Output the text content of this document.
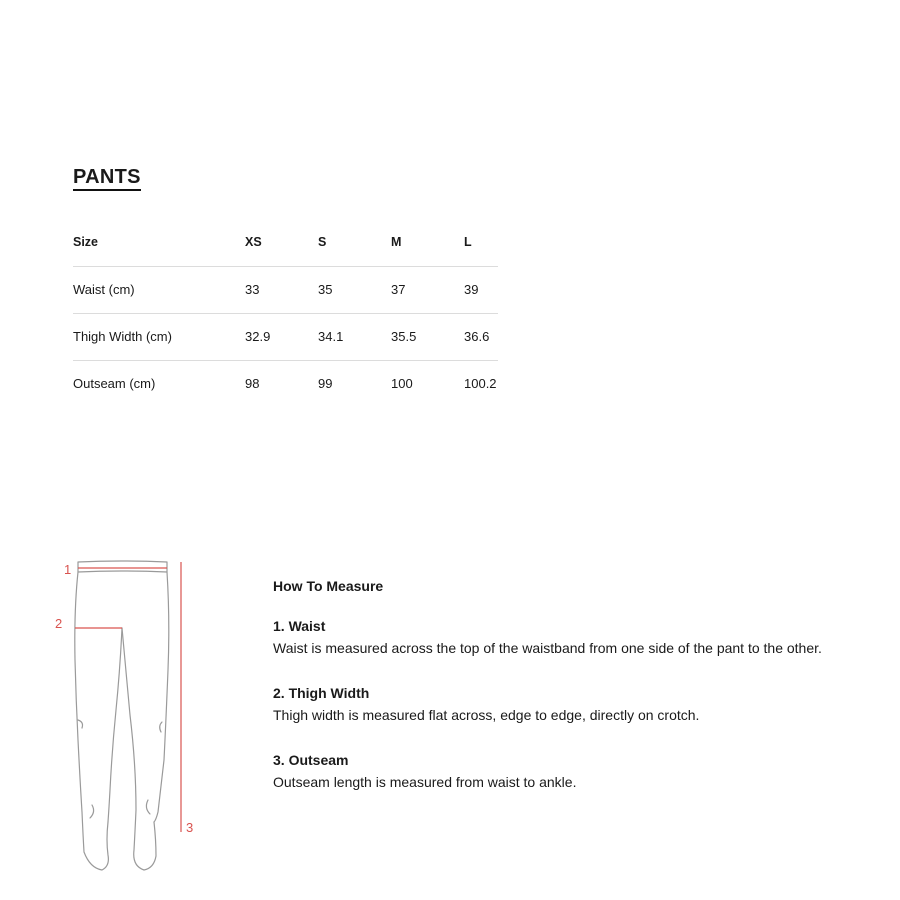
PANTS
Size	XS	S	M	L
Waist (cm)	33	35	37	39
Thigh Width (cm)	32.9	34.1	35.5	36.6
Outseam (cm)	98	99	100	100.2
1
2
3

How To Measure

1. Waist

Waist is measured across the top of the waistband from one side of the pant to the other.

2. Thigh Width

Thigh width is measured flat across, edge to edge, directly on crotch.

3. Outseam

Outseam length is measured from waist to ankle.
